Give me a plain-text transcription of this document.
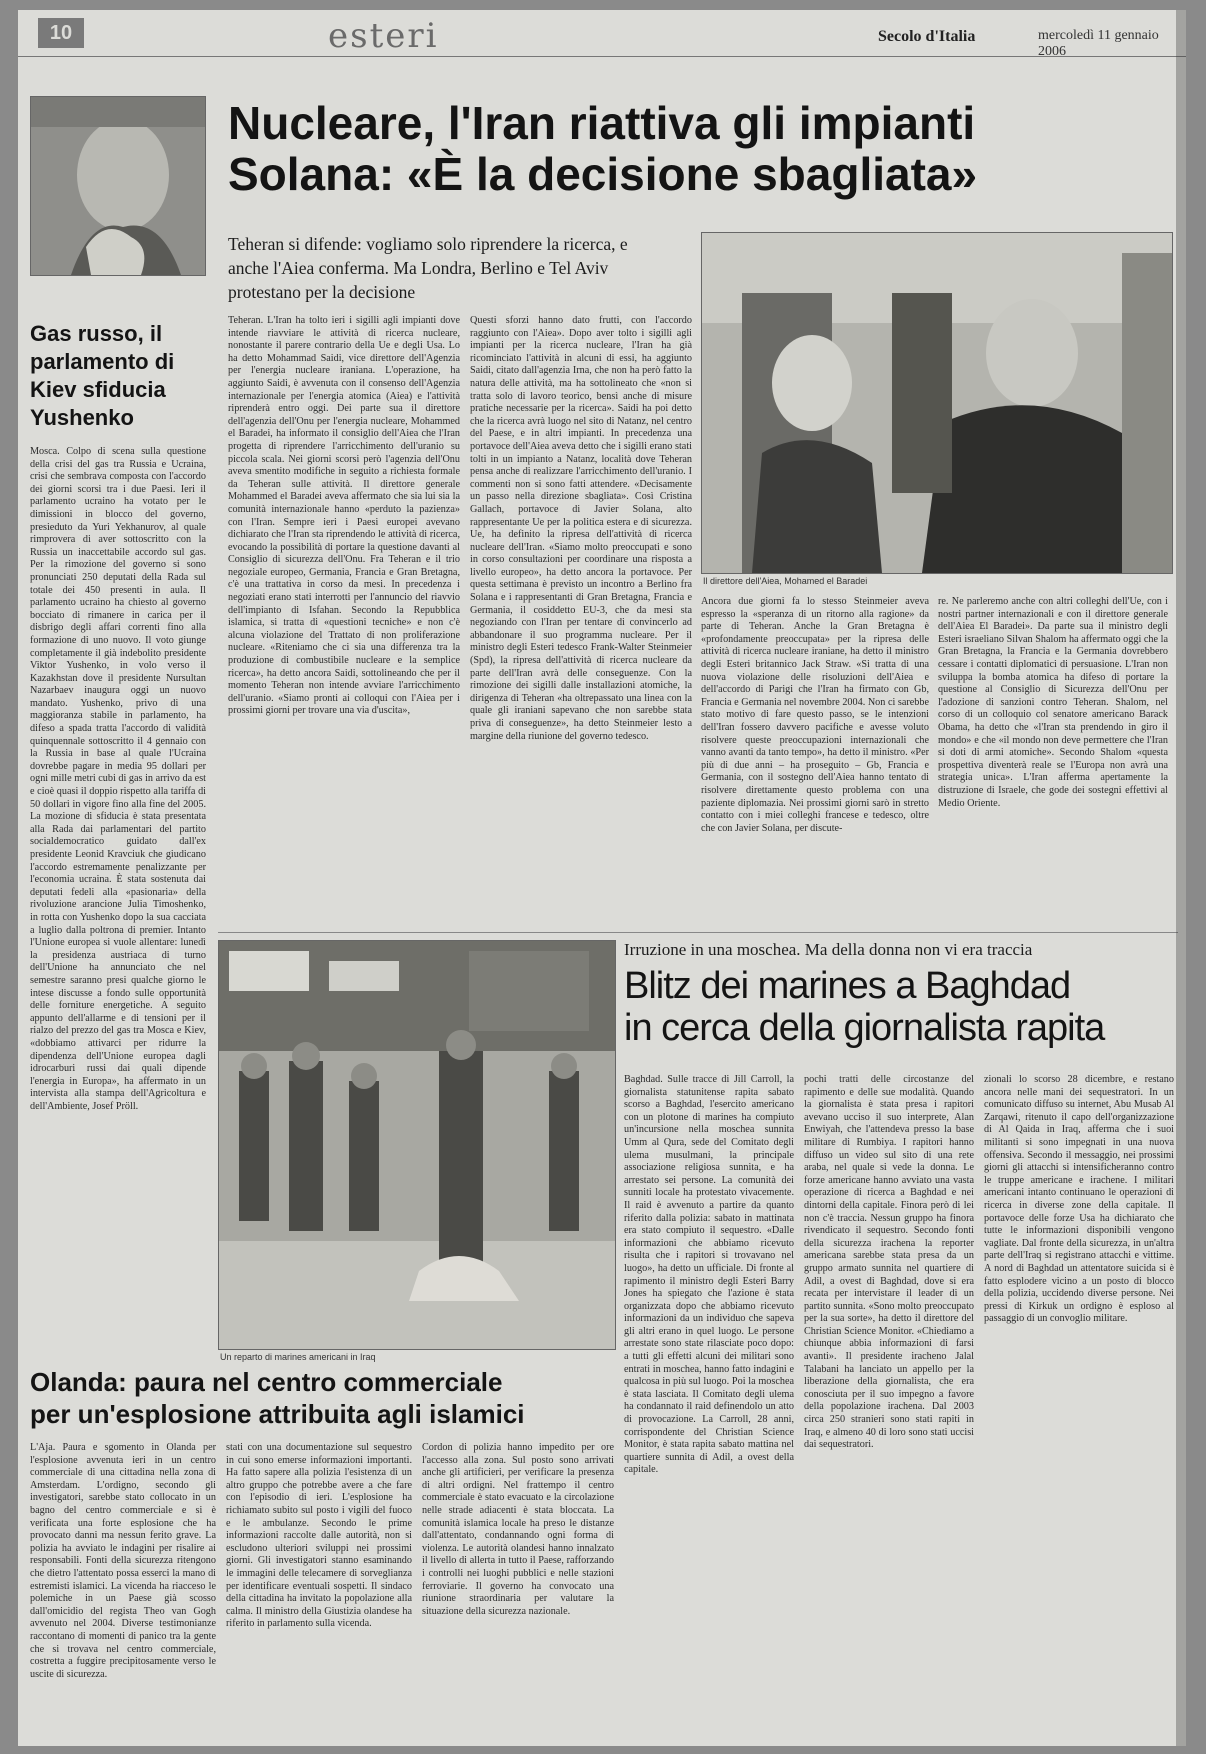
10	esteri	Secolo d'Italia	mercoledì 11 gennaio 2006
Nucleare, l'Iran riattiva gli impianti
Solana: «È la decisione sbagliata»
Teheran si difende: vogliamo solo riprendere la ricerca, e anche l'Aiea conferma. Ma Londra, Berlino e Tel Aviv protestano per la decisione
Il direttore dell'Aiea, Mohamed el Baradei
Gas russo, il parlamento di Kiev sfiducia Yushenko
Mosca. Colpo di scena sulla questione della crisi del gas tra Russia e Ucraina, crisi che sembrava composta con l'accordo dei giorni scorsi tra i due Paesi. Ieri il parlamento ucraino ha votato per le dimissioni in blocco del governo, presieduto da Yuri Yekhanurov, al quale rimprovera di aver sottoscritto con la Russia un inaccettabile accordo sul gas. Per la rimozione del governo si sono pronunciati 250 deputati della Rada sul totale dei 450 presenti in aula. Il parlamento ucraino ha chiesto al governo bocciato di rimanere in carica per il disbrigo degli affari correnti fino alla formazione di uno nuovo. Il voto giunge completamente il già indebolito presidente Viktor Yushenko, in volo verso il Kazakhstan dove il presidente Nursultan Nazarbaev inaugura oggi un nuovo mandato. Yushenko, privo di una maggioranza stabile in parlamento, ha difeso a spada tratta l'accordo di validità quinquennale sottoscritto il 4 gennaio con la Russia in base al quale l'Ucraina dovrebbe pagare in media 95 dollari per ogni mille metri cubi di gas in arrivo da est e cioè quasi il doppio rispetto alla tariffa di 50 dollari in vigore fino alla fine del 2005. La mozione di sfiducia è stata presentata alla Rada dai parlamentari del partito socialdemocratico guidato dall'ex presidente Leonid Kravciuk che giudicano l'accordo estremamente penalizzante per l'economia ucraina. È stata sostenuta dai deputati fedeli alla «pasionaria» della rivoluzione arancione Julia Timoshenko, in rotta con Yushenko dopo la sua cacciata a luglio dalla poltrona di premier. Intanto l'Unione europea si vuole allentare: lunedì la presidenza austriaca di turno dell'Unione ha annunciato che nel semestre saranno presi qualche giorno le intese discusse a fondo sulle opportunità delle forniture energetiche. A seguito appunto dell'allarme e di tensioni per il rialzo del prezzo del gas tra Mosca e Kiev, «dobbiamo attivarci per ridurre la dipendenza dell'Unione europea dagli idrocarburi russi dai quali dipende l'energia in Europa», ha affermato in un intervista alla stampa dell'Agricoltura e dell'Ambiente, Josef Pröll.
Teheran. L'Iran ha tolto ieri i sigilli agli impianti dove intende riavviare le attività di ricerca nucleare, nonostante il parere contrario della Ue e degli Usa. Lo ha detto Mohammad Saidi, vice direttore dell'Agenzia per l'energia nucleare iraniana. L'operazione, ha aggiunto Saidi, è avvenuta con il consenso dell'Agenzia internazionale per l'energia atomica (Aiea) e l'attività riprenderà entro oggi. Dei parte sua il direttore dell'agenzia dell'Onu per l'energia nucleare, Mohammed el Baradei, ha informato il consiglio dell'Aiea che l'Iran progetta di riprendere l'arricchimento dell'uranio su piccola scala. Nei giorni scorsi però l'agenzia dell'Onu aveva smentito modifiche in seguito a richiesta formale da Teheran sulle attività. Il direttore generale Mohammed el Baradei aveva affermato che sia lui sia la comunità internazionale hanno «perduto la pazienza» con l'Iran. Sempre ieri i Paesi europei avevano dichiarato che l'Iran sta riprendendo le attività di ricerca, evocando la possibilità di portare la questione davanti al Consiglio di sicurezza dell'Onu. Fra Teheran e il trio negoziale europeo, Germania, Francia e Gran Bretagna, c'è una trattativa in corso da mesi. In precedenza i negoziati erano stati interrotti per l'annuncio del riavvio dell'impianto di Isfahan. Secondo la Repubblica islamica, si tratta di «questioni tecniche» e non c'è alcuna violazione del Trattato di non proliferazione nucleare. «Riteniamo che ci sia una differenza tra la produzione di combustibile nucleare e la semplice ricerca», ha detto ancora Saidi, sottolineando che per il momento Teheran non intende avviare l'arricchimento dell'uranio. «Siamo pronti ai colloqui con l'Aiea per i prossimi giorni per trovare una via d'uscita»,
Questi sforzi hanno dato frutti, con l'accordo raggiunto con l'Aiea». Dopo aver tolto i sigilli agli impianti per la ricerca nucleare, l'Iran ha già ricominciato l'attività in alcuni di essi, ha aggiunto Saidi, citato dall'agenzia Irna, che non ha però fatto la natura delle attività, ma ha sottolineato che «non si tratta solo di lavoro teorico, bensì anche di misure pratiche necessarie per la ricerca». Saidi ha poi detto che la ricerca avrà luogo nel sito di Natanz, nel centro del Paese, e in altri impianti. In precedenza una portavoce dell'Aiea aveva detto che i sigilli erano stati tolti in un impianto a Natanz, località dove Teheran pensa anche di realizzare l'arricchimento dell'uranio. I commenti non si sono fatti attendere. «Decisamente un passo nella direzione sbagliata». Così Cristina Gallach, portavoce di Javier Solana, alto rappresentante Ue per la politica estera e di sicurezza. Ue, ha definito la ripresa dell'attività di ricerca nucleare dell'Iran. «Siamo molto preoccupati e sono in corso consultazioni per coordinare una risposta a livello europeo», ha detto ancora la portavoce. Per questa settimana è previsto un incontro a Berlino fra Solana e i rappresentanti di Gran Bretagna, Francia e Germania, il cosiddetto EU-3, che da mesi sta negoziando con l'Iran per tentare di convincerlo ad abbandonare il suo programma nucleare. Per il ministro degli Esteri tedesco Frank-Walter Steinmeier (Spd), la ripresa dell'attività di ricerca nucleare da parte dell'Iran avrà delle conseguenze. Con la rimozione dei sigilli dalle installazioni atomiche, la dirigenza di Teheran «ha oltrepassato una linea con la quale gli iraniani sapevano che non sarebbe stata priva di conseguenze», ha detto Steinmeier lesto a margine della riunione del governo tedesco.
Ancora due giorni fa lo stesso Steinmeier aveva espresso la «speranza di un ritorno alla ragione» da parte di Teheran. Anche la Gran Bretagna è «profondamente preoccupata» per la ripresa delle attività di ricerca nucleare iraniane, ha detto il ministro degli Esteri britannico Jack Straw. «Si tratta di una nuova violazione delle risoluzioni dell'Aiea e dell'accordo di Parigi che l'Iran ha firmato con Gb, Francia e Germania nel novembre 2004. Non ci sarebbe stato motivo di fare questo passo, se le intenzioni dell'Iran fossero davvero pacifiche e avesse voluto risolvere queste preoccupazioni internazionali che vanno avanti da tanto tempo», ha detto il ministro. «Per più di due anni – ha proseguito – Gb, Francia e Germania, con il sostegno dell'Aiea hanno tentato di risolvere direttamente questo problema con una paziente diplomazia. Nei prossimi giorni sarò in stretto contatto con i miei colleghi francese e tedesco, oltre che con Javier Solana, per discute-
re. Ne parleremo anche con altri colleghi dell'Ue, con i nostri partner internazionali e con il direttore generale dell'Aiea El Baradei». Da parte sua il ministro degli Esteri israeliano Silvan Shalom ha affermato oggi che la Gran Bretagna, la Francia e la Germania dovrebbero cessare i contatti diplomatici di persuasione. L'Iran non sviluppa la bomba atomica ha difeso di portare la questione al Consiglio di Sicurezza dell'Onu per l'adozione di sanzioni contro Teheran. Shalom, nel corso di un colloquio col senatore americano Barack Obama, ha detto che «l'Iran sta prendendo in giro il mondo» e che «il mondo non deve permettere che l'Iran si doti di armi atomiche». Secondo Shalom «questa prospettiva diventerà reale se l'Europa non avrà una strategia unica». L'Iran afferma apertamente la distruzione di Israele, che gode dei sostegni effettivi al Medio Oriente.
Un reparto di marines americani in Iraq
Irruzione in una moschea. Ma della donna non vi era traccia
Blitz dei marines a Baghdad
in cerca della giornalista rapita
Baghdad. Sulle tracce di Jill Carroll, la giornalista statunitense rapita sabato scorso a Baghdad, l'esercito americano con un plotone di marines ha compiuto un'incursione nella moschea sunnita Umm al Qura, sede del Comitato degli ulema musulmani, la principale associazione religiosa sunnita, e ha arrestato sei persone. La comunità dei sunniti locale ha protestato vivacemente. Il raid è avvenuto a partire da quanto riferito dalla polizia: sabato in mattinata era stato compiuto il sequestro. «Dalle informazioni che abbiamo ricevuto risulta che i rapitori si trovavano nel luogo», ha detto un ufficiale. Di fronte al rapimento il ministro degli Esteri Barry Jones ha spiegato che l'azione è stata organizzata dopo che abbiamo ricevuto informazioni da un individuo che sapeva gli altri erano in quel luogo. Le persone arrestate sono state rilasciate poco dopo: a tutti gli effetti alcuni dei militari sono entrati in moschea, hanno fatto indagini e qualcosa in più sul luogo. Poi la moschea è stata lasciata. Il Comitato degli ulema ha condannato il raid definendolo un atto di provocazione. La Carroll, 28 anni, corrispondente del Christian Science Monitor, è stata rapita sabato mattina nel quartiere sunnita di Adil, a ovest della capitale.
pochi tratti delle circostanze del rapimento e delle sue modalità. Quando la giornalista è stata presa i rapitori avevano ucciso il suo interprete, Alan Enwiyah, che l'attendeva presso la base militare di Rumbiya. I rapitori hanno diffuso un video sul sito di una rete araba, nel quale si vede la donna. Le forze americane hanno avviato una vasta operazione di ricerca a Baghdad e nei dintorni della capitale. Finora però di lei non c'è traccia. Nessun gruppo ha finora rivendicato il sequestro. Secondo fonti della sicurezza irachena la reporter americana sarebbe stata presa da un gruppo armato sunnita nel quartiere di Adil, a ovest di Baghdad, dove si era recata per intervistare il leader di un partito sunnita. «Sono molto preoccupato per la sua sorte», ha detto il direttore del Christian Science Monitor. «Chiediamo a chiunque abbia informazioni di farsi avanti». Il presidente iracheno Jalal Talabani ha lanciato un appello per la liberazione della giornalista, che era conosciuta per il suo impegno a favore della popolazione irachena. Dal 2003 circa 250 stranieri sono stati rapiti in Iraq, e almeno 40 di loro sono stati uccisi dai sequestratori.
zionali lo scorso 28 dicembre, e restano ancora nelle mani dei sequestratori. In un comunicato diffuso su internet, Abu Musab Al Zarqawi, ritenuto il capo dell'organizzazione di Al Qaida in Iraq, afferma che i suoi militanti si sono impegnati in una nuova offensiva. Secondo il messaggio, nei prossimi giorni gli attacchi si intensificheranno contro le truppe americane e irachene. I militari americani intanto continuano le operazioni di ricerca in diverse zone della capitale. Il portavoce delle forze Usa ha dichiarato che tutte le informazioni disponibili vengono vagliate. Dal fronte della sicurezza, in un'altra parte dell'Iraq si registrano attacchi e vittime. A nord di Baghdad un attentatore suicida si è fatto esplodere vicino a un posto di blocco della polizia, uccidendo diverse persone. Nei pressi di Kirkuk un ordigno è esploso al passaggio di un convoglio militare.
Olanda: paura nel centro commerciale
per un'esplosione attribuita agli islamici
L'Aja. Paura e sgomento in Olanda per l'esplosione avvenuta ieri in un centro commerciale di una cittadina nella zona di Amsterdam. L'ordigno, secondo gli investigatori, sarebbe stato collocato in un bagno del centro commerciale e si è verificata una forte esplosione che ha provocato danni ma nessun ferito grave. La polizia ha avviato le indagini per risalire ai responsabili. Fonti della sicurezza ritengono che dietro l'attentato possa esserci la mano di estremisti islamici. La vicenda ha riacceso le polemiche in un Paese già scosso dall'omicidio del regista Theo van Gogh avvenuto nel 2004. Diverse testimonianze raccontano di momenti di panico tra la gente che si trovava nel centro commerciale, costretta a fuggire precipitosamente verso le uscite di sicurezza.
stati con una documentazione sul sequestro in cui sono emerse informazioni importanti. Ha fatto sapere alla polizia l'esistenza di un altro gruppo che potrebbe avere a che fare con l'episodio di ieri. L'esplosione ha richiamato subito sul posto i vigili del fuoco e le ambulanze. Secondo le prime informazioni raccolte dalle autorità, non si escludono ulteriori sviluppi nei prossimi giorni. Gli investigatori stanno esaminando le immagini delle telecamere di sorveglianza per identificare eventuali sospetti. Il sindaco della cittadina ha invitato la popolazione alla calma. Il ministro della Giustizia olandese ha riferito in parlamento sulla vicenda.
Cordon di polizia hanno impedito per ore l'accesso alla zona. Sul posto sono arrivati anche gli artificieri, per verificare la presenza di altri ordigni. Nel frattempo il centro commerciale è stato evacuato e la circolazione nelle strade adiacenti è stata bloccata. La comunità islamica locale ha preso le distanze dall'attentato, condannando ogni forma di violenza. Le autorità olandesi hanno innalzato il livello di allerta in tutto il Paese, rafforzando i controlli nei luoghi pubblici e nelle stazioni ferroviarie. Il governo ha convocato una riunione straordinaria per valutare la situazione della sicurezza nazionale.
